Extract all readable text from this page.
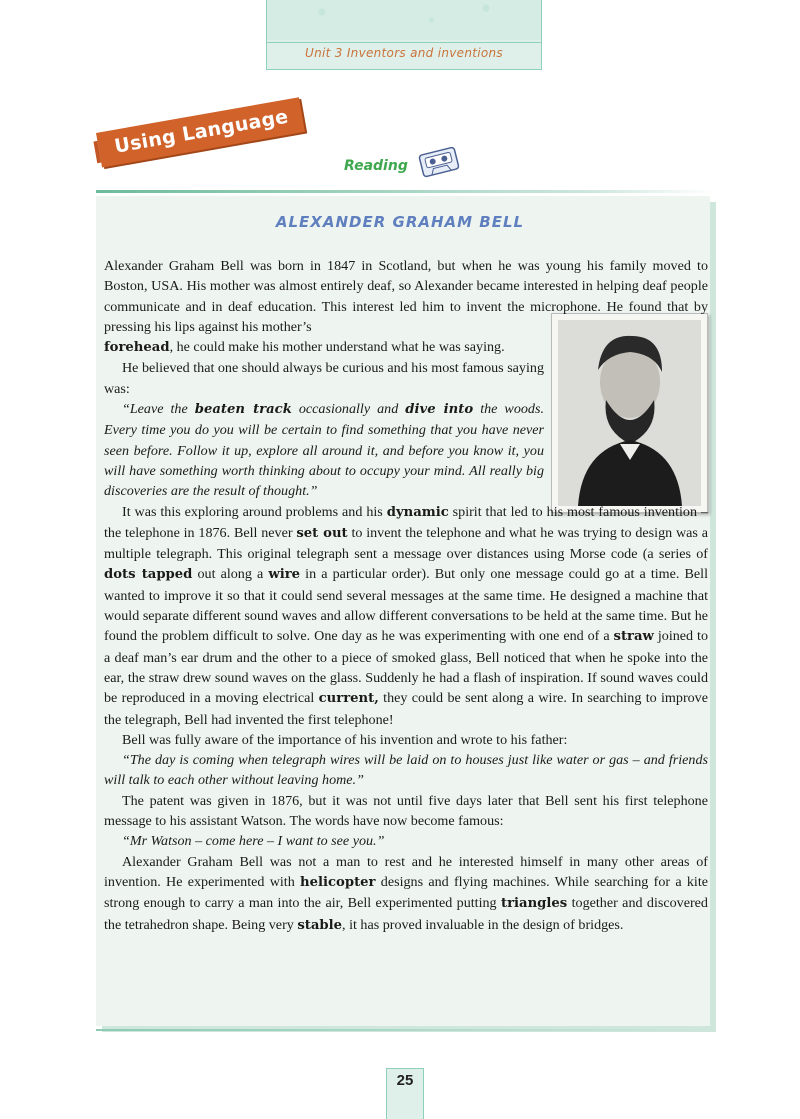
Unit 3 Inventors and inventions
Using Language
Reading
ALEXANDER GRAHAM BELL

Alexander Graham Bell was born in 1847 in Scotland, but when he was young his family moved to Boston, USA. His mother was almost entirely deaf, so Alexander became interested in helping deaf people communicate and in deaf education. This interest led him to invent the microphone. He found that by pressing his lips against his mother’s

forehead, he could make his mother understand what he was saying.

He believed that one should always be curious and his most famous saying was:

“Leave the beaten track occasionally and dive into the woods. Every time you do you will be certain to find something that you have never seen before. Follow it up, explore all around it, and before you know it, you will have something worth thinking about to occupy your mind. All really big discoveries are the result of thought.”

It was this exploring around problems and his dynamic spirit that led to his most famous invention – the telephone in 1876. Bell never set out to invent the telephone and what he was trying to design was a multiple telegraph. This original telegraph sent a message over distances using Morse code (a series of dots tapped out along a wire in a particular order). But only one message could go at a time. Bell wanted to improve it so that it could send several messages at the same time. He designed a machine that would separate different sound waves and allow different conversations to be held at the same time. But he found the problem difficult to solve. One day as he was experimenting with one end of a straw joined to a deaf man’s ear drum and the other to a piece of smoked glass, Bell noticed that when he spoke into the ear, the straw drew sound waves on the glass. Suddenly he had a flash of inspiration. If sound waves could be reproduced in a moving electrical current, they could be sent along a wire. In searching to improve the telegraph, Bell had invented the first telephone!

Bell was fully aware of the importance of his invention and wrote to his father:

“The day is coming when telegraph wires will be laid on to houses just like water or gas – and friends will talk to each other without leaving home.”

The patent was given in 1876, but it was not until five days later that Bell sent his first telephone message to his assistant Watson. The words have now become famous:

“Mr Watson – come here – I want to see you.”

Alexander Graham Bell was not a man to rest and he interested himself in many other areas of invention. He experimented with helicopter designs and flying machines. While searching for a kite strong enough to carry a man into the air, Bell experimented putting triangles together and discovered the tetrahedron shape. Being very stable, it has proved invaluable in the design of bridges.

25
